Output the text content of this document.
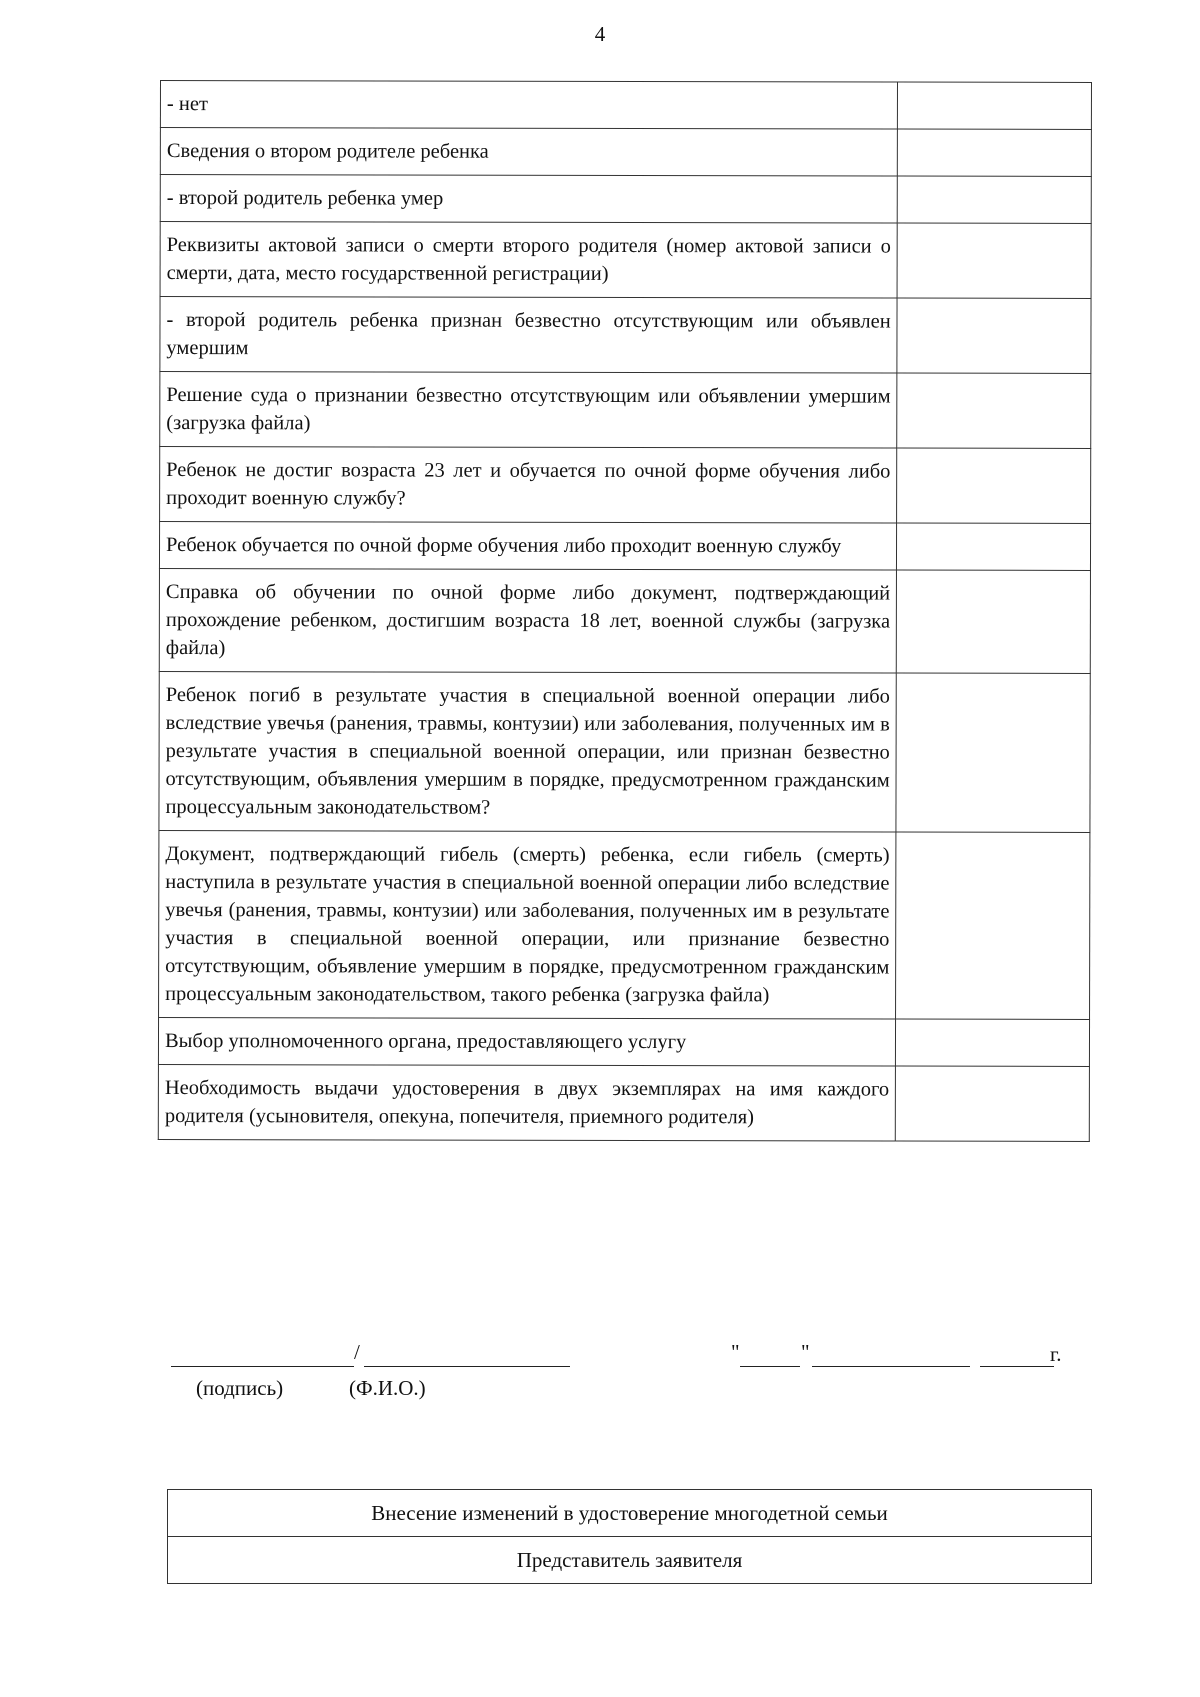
4
- нет	
Сведения о втором родителе ребенка	
- второй родитель ребенка умер	
Реквизиты актовой записи о смерти второго родителя (номер актовой записи о смерти, дата, место государственной регистрации)	
- второй родитель ребенка признан безвестно отсутствующим или объявлен умершим	
Решение суда о признании безвестно отсутствующим или объявлении умершим (загрузка файла)	
Ребенок не достиг возраста 23 лет и обучается по очной форме обучения либо проходит военную службу?	
Ребенок обучается по очной форме обучения либо проходит военную службу	
Справка об обучении по очной форме либо документ, подтверждающий прохождение ребенком, достигшим возраста 18 лет, военной службы (загрузка файла)	
Ребенок погиб в результате участия в специальной военной операции либо вследствие увечья (ранения, травмы, контузии) или заболевания, полученных им в результате участия в специальной военной операции, или признан безвестно отсутствующим, объявления умершим в порядке, предусмотренном гражданским процессуальным законодательством?	
Документ, подтверждающий гибель (смерть) ребенка, если гибель (смерть) наступила в результате участия в специальной военной операции либо вследствие увечья (ранения, травмы, контузии) или заболевания, полученных им в результате участия в специальной военной операции, или признание безвестно отсутствующим, объявление умершим в порядке, предусмотренном гражданским процессуальным законодательством, такого ребенка (загрузка файла)	
Выбор уполномоченного органа, предоставляющего услугу	
Необходимость выдачи удостоверения в двух экземплярах на имя каждого родителя (усыновителя, опекуна, попечителя, приемного родителя)	
/
(подпись)	(Ф.И.О.)
"	"	г.
Внесение изменений в удостоверение многодетной семьи
Представитель заявителя
